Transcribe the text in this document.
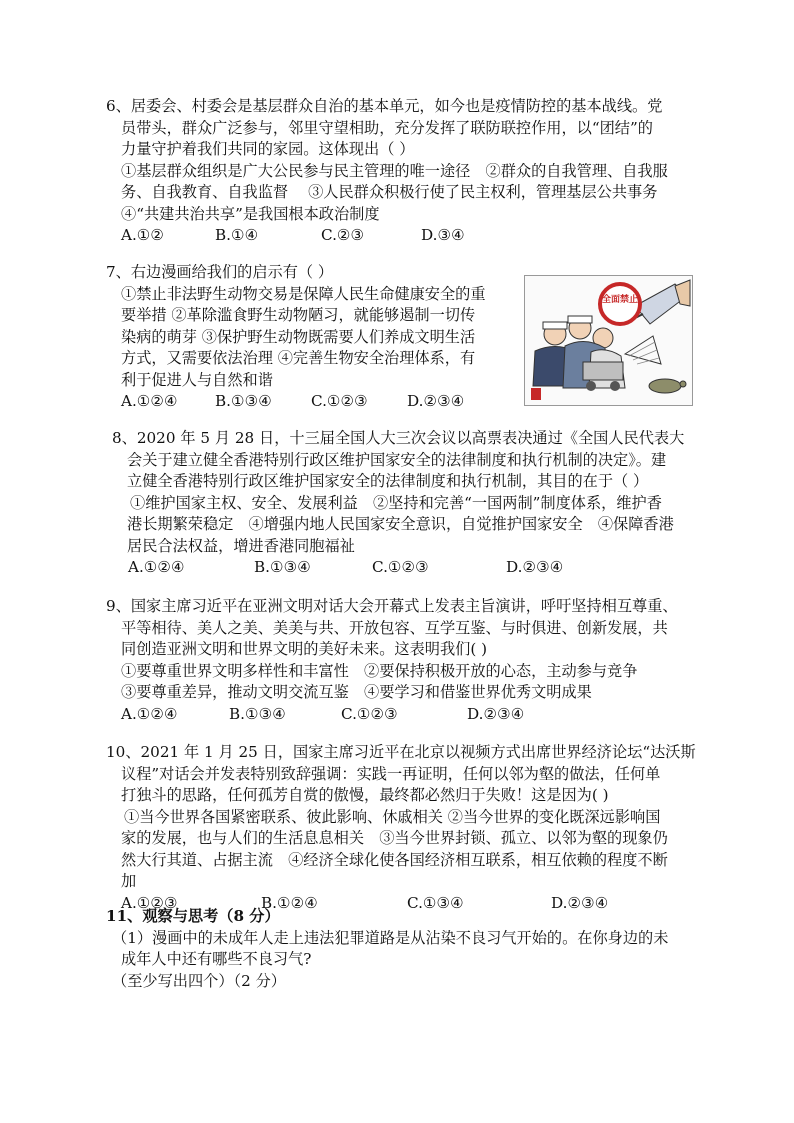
6、居委会、村委会是基层群众自治的基本单元，如今也是疫情防控的基本战线。党
员带头，群众广泛参与，邻里守望相助，充分发挥了联防联控作用，以“团结”的
力量守护着我们共同的家园。这体现出（ ）
①基层群众组织是广大公民参与民主管理的唯一途径　②群众的自我管理、自我服
务、自我教育、自我监督　 ③人民群众积极行使了民主权利，管理基层公共事务
④“共建共治共享”是我国根本政治制度
A.①②	B.①④	C.②③	D.③④
7、右边漫画给我们的启示有（ ）
①禁止非法野生动物交易是保障人民生命健康安全的重
要举措 ②革除滥食野生动物陋习，就能够遏制一切传
染病的萌芽 ③保护野生动物既需要人们养成文明生活
方式，又需要依法治理 ④完善生物安全治理体系，有
利于促进人与自然和谐
A.①②④	B.①③④	C.①②③	D.②③④
全面禁止
8、2020 年 5 月 28 日，十三届全国人大三次会议以高票表决通过《全国人民代表大
会关于建立健全香港特别行政区维护国家安全的法律制度和执行机制的决定》。建
立健全香港特别行政区维护国家安全的法律制度和执行机制，其目的在于（ ）
①维护国家主权、安全、发展利益　②坚持和完善“一国两制”制度体系，维护香
港长期繁荣稳定　④增强内地人民国家安全意识，自觉推护国家安全　④保障香港
居民合法权益，增进香港同胞福祉
A.①②④	B.①③④	C.①②③	D.②③④
9、国家主席习近平在亚洲文明对话大会开幕式上发表主旨演讲，呼吁坚持相互尊重、
平等相待、美人之美、美美与共、开放包容、互学互鉴、与时俱进、创新发展，共
同创造亚洲文明和世界文明的美好未来。这表明我们( )
①要尊重世界文明多样性和丰富性　②要保持积极开放的心态，主动参与竞争
③要尊重差异，推动文明交流互鉴　④要学习和借鉴世界优秀文明成果
A.①②④	B.①③④	C.①②③	D.②③④
10、2021 年 1 月 25 日，国家主席习近平在北京以视频方式出席世界经济论坛“达沃斯
议程”对话会并发表特别致辞强调：实践一再证明，任何以邻为壑的做法，任何单
打独斗的思路，任何孤芳自赏的傲慢，最终都必然归于失败！这是因为( )
①当今世界各国紧密联系、彼此影响、休戚相关 ②当今世界的变化既深远影响国
家的发展，也与人们的生活息息相关　③当今世界封锁、孤立、以邻为壑的现象仍
然大行其道、占据主流　④经济全球化使各国经济相互联系，相互依赖的程度不断
加
A.①②③	B.①②④	C.①③④	D.②③④
11、观察与思考（8 分）
（1）漫画中的未成年人走上违法犯罪道路是从沾染不良习气开始的。在你身边的未
成年人中还有哪些不良习气?
（至少写出四个）（2 分）
